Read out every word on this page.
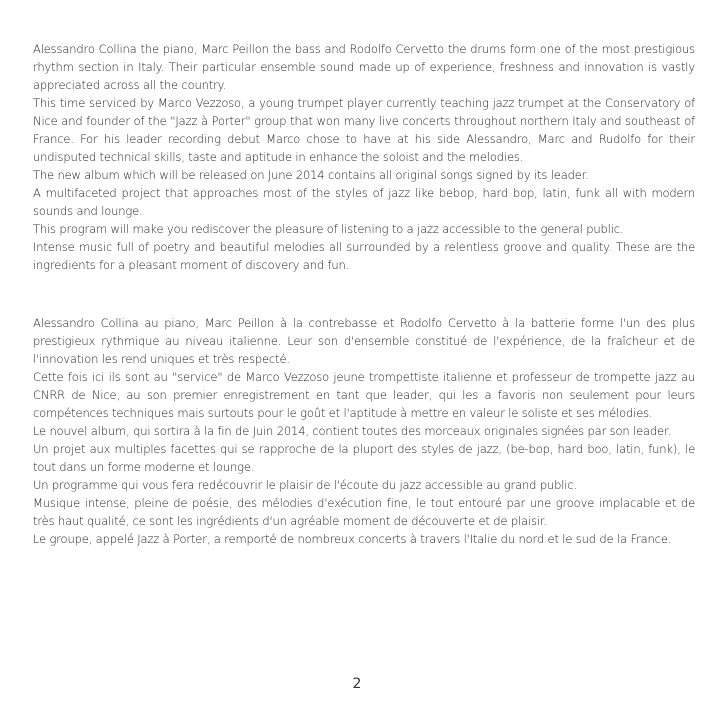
Alessandro Collina the piano, Marc Peillon the bass and Rodolfo Cervetto the drums form one of the most prestigious rhythm section in Italy. Their particular ensemble sound made up of experience, freshness and innovation is vastly appreciated across all the country.

This time serviced by Marco Vezzoso, a young trumpet player currently teaching jazz trumpet at the Conservatory of Nice and founder of the "Jazz à Porter" group that won many live concerts throughout northern Italy and southeast of France. For his leader recording debut Marco chose to have at his side Alessandro, Marc and Rudolfo for their undisputed technical skills, taste and aptitude in enhance the soloist and the melodies.

The new album which will be released on June 2014 contains all original songs signed by its leader.

A multifaceted project that approaches most of the styles of jazz like bebop, hard bop, latin, funk all with modern sounds and lounge.

This program will make you rediscover the pleasure of listening to a jazz accessible to the general public.

Intense music full of poetry and beautiful melodies all surrounded by a relentless groove and quality. These are the ingredients for a pleasant moment of discovery and fun.

Alessandro Collina au piano, Marc Peillon à la contrebasse et Rodolfo Cervetto à la batterie forme l'un des plus prestigieux rythmique au niveau italienne. Leur son d'ensemble constitué de l'expérience, de la fraîcheur et de l'innovation les rend uniques et très respecté.

Cette fois ici ils sont au "service" de Marco Vezzoso jeune trompettiste italienne et professeur de trompette jazz au CNRR de Nice, au son premier enregistrement en tant que leader, qui les a favoris non seulement pour leurs compétences techniques mais surtouts pour le goût et l'aptitude à mettre en valeur le soliste et ses mélodies.

Le nouvel album, qui sortira à la fin de Juin 2014, contient toutes des morceaux originales signées par son leader.

Un projet aux multiples facettes qui se rapproche de la pluport des styles de jazz, (be-bop, hard boo, latin, funk), le tout dans un forme moderne et lounge.

Un programme qui vous fera redécouvrir le plaisir de l'écoute du jazz accessible au grand public.

Musique intense, pleine de poésie, des mélodies d'exécution fine, le tout entouré par une groove implacable et de très haut qualité, ce sont les ingrédients d'un agréable moment de découverte et de plaisir.

Le groupe, appelé Jazz à Porter, a remporté de nombreux concerts à travers l'Italie du nord et le sud de la France.

2
